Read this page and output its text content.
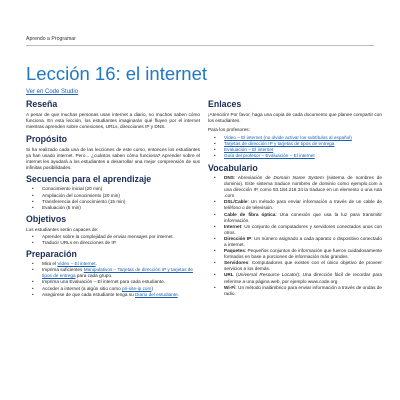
Aprendo a Programar
Lección 16: el internet
Ver en Code Studio
Reseña

A pesar de que muchas personas usan internet a diario, no muchos saben cómo funciona. En esta lección, los estudiantes imaginarán qué fluyen por el internet mientras aprenden sobre conexiones, URLs, direcciones IP y DNS.

Propósito

Si ha realizado cada una de las lecciones de este curso, entonces los estudiantes ya han usado internet. Pero... ¿cuántos saben cómo funciona? Aprender sobre el internet les ayudará a los estudiantes a desarrollar una mejor comprensión de sus infinitas posibilidades.

Secuencia para el aprendizaje
• Conocimiento inicial (20 min)
• Ampliación del conocimiento (20 min)
• Transferencia del conocimiento (15 min)
• Evaluación (5 min)
Objetivos

Los estudiantes serán capaces de:

• Aprender sobre la complejidad de enviar mensajes por internet.
• Traducir URLs en direcciones de IP.
Preparación
• Mira el Video – El internet.
• Imprima suficientes Manipulativos – Tarjetas de dirección IP y tarjetas de tipos de entrega para cada grupo.
• Imprima una Evaluación – El internet para cada estudiante.
• Acceder a internet (a algún sitio como pri-site-ip.com)
• Asegúrese de que cada estudiante tenga su Diario del estudiante.
Enlaces

¡Atención! Por favor, haga una copia de cada documento que planee compartir con los estudiantes.

Para los profesores:

• Video – El internet (no olvide activar los subtítulos al español)
• Tarjetas de dirección IP y tarjetas de tipos de entrega
• Evaluación – El internet
• Guía del profesor – Evaluación – El internet
Vocabulario
• DNS: Abreviación de Domain Name System (sistema de nombres de dominio). Este sistema traduce nombres de dominio como ejemplo.com a una dirección IP, como 93.184.216.34 la traduce en un elemento o una ruta .com
• DSL/Cable: Un método para enviar información a través de un cable de teléfono o de televisión.
• Cable de fibra óptica: Una conexión que usa la luz para transmitir información.
• Internet: Un conjunto de computadores y servidores conectados unos con otros.
• Dirección IP: Un número asignado a cada aparato o dispositivo conectado a internet.
• Paquetes: Pequeños conjuntos de información que fueron cuidadosamente formados en base a porciones de información más grandes.
• Servidores: Computadores que existen con el único objetivo de proveer servicios a los demás.
• URL (Universal Resource Locator): Una dirección fácil de recordar para referirse a una página web, por ejemplo www.code.org
• Wi-Fi: Un método inalámbrico para enviar información a través de ondas de radio.
